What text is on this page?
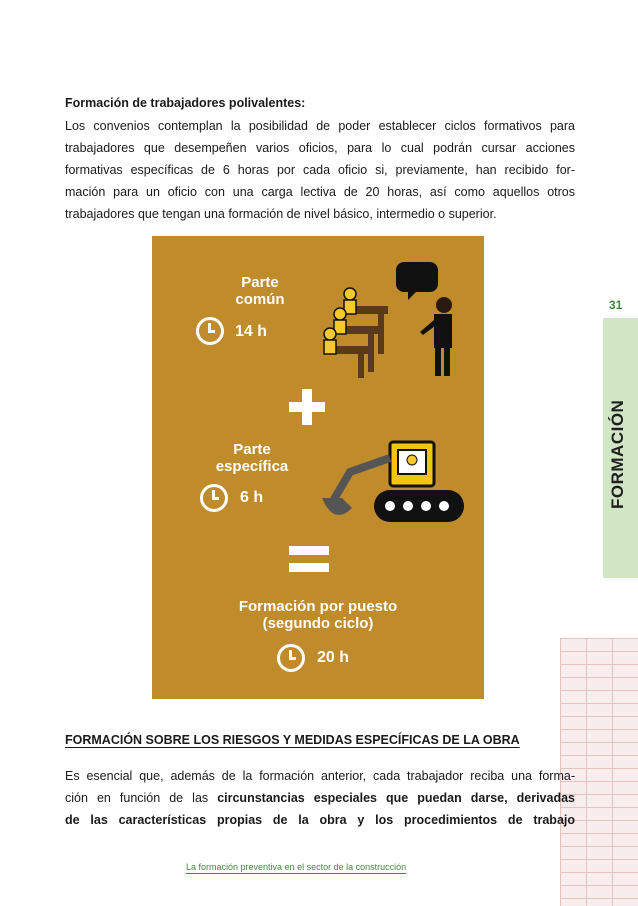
Formación de trabajadores polivalentes:
Los convenios contemplan la posibilidad de poder establecer ciclos formativos para
trabajadores que desempeñen varios oficios, para lo cual podrán cursar acciones
formativas específicas de 6 horas por cada oficio si, previamente, han recibido for-
mación para un oficio con una carga lectiva de 20 horas, así como aquellos otros
trabajadores que tengan una formación de nivel básico, intermedio o superior.
Parte
común
14 h
Parte
específica
6 h
Formación por puesto
(segundo ciclo)
20 h
31
FORMACIÓN
FORMACIÓN SOBRE LOS RIESGOS Y MEDIDAS ESPECÍFICAS DE LA OBRA
Es esencial que, además de la formación anterior, cada trabajador reciba una forma-
ción en función de las circunstancias especiales que puedan darse, derivadas
de las características propias de la obra y los procedimientos de trabajo
La formación preventiva en el sector de la construcción
